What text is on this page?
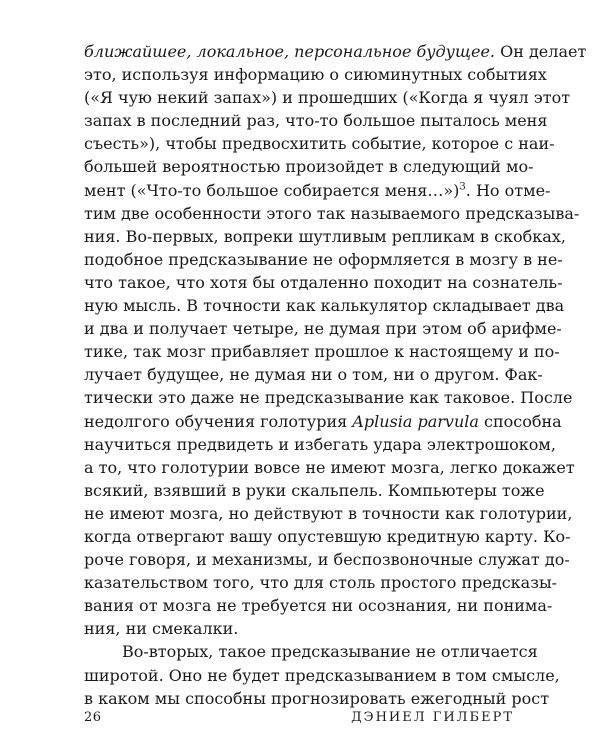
ближайшее, локальное, персональное будущее. Он делает
это, используя информацию о сиюминутных событиях
(«Я чую некий запах») и прошедших («Когда я чуял этот
запах в последний раз, что-то большое пыталось меня
съесть»), чтобы предвосхитить событие, которое с наи-
большей вероятностью произойдет в следующий мо-
мент («Что-то большое собирается меня…»)$^3$. Но отме-
тим две особенности этого так называемого предсказыва-
ния. Во-первых, вопреки шутливым репликам в скобках,
подобное предсказывание не оформляется в мозгу в не-
что такое, что хотя бы отдаленно походит на сознатель-
ную мысль. В точности как калькулятор складывает два
и два и получает четыре, не думая при этом об арифме-
тике, так мозг прибавляет прошлое к настоящему и по-
лучает будущее, не думая ни о том, ни о другом. Фак-
тически это даже не предсказывание как таковое. После
недолгого обучения голотурия Aplusia parvula способна
научиться предвидеть и избегать удара электрошоком,
а то, что голотурии вовсе не имеют мозга, легко докажет
всякий, взявший в руки скальпель. Компьютеры тоже
не имеют мозга, но действуют в точности как голотурии,
когда отвергают вашу опустевшую кредитную карту. Ко-
роче говоря, и механизмы, и беспозвоночные служат до-
казательством того, что для столь простого предсказы-
вания от мозга не требуется ни осознания, ни понима-
ния, ни смекалки.
Во-вторых, такое предсказывание не отличается
широтой. Оно не будет предсказыванием в том смысле,
в каком мы способны прогнозировать ежегодный рост
26	ДЭНИЕЛ ГИЛБЕРТ
